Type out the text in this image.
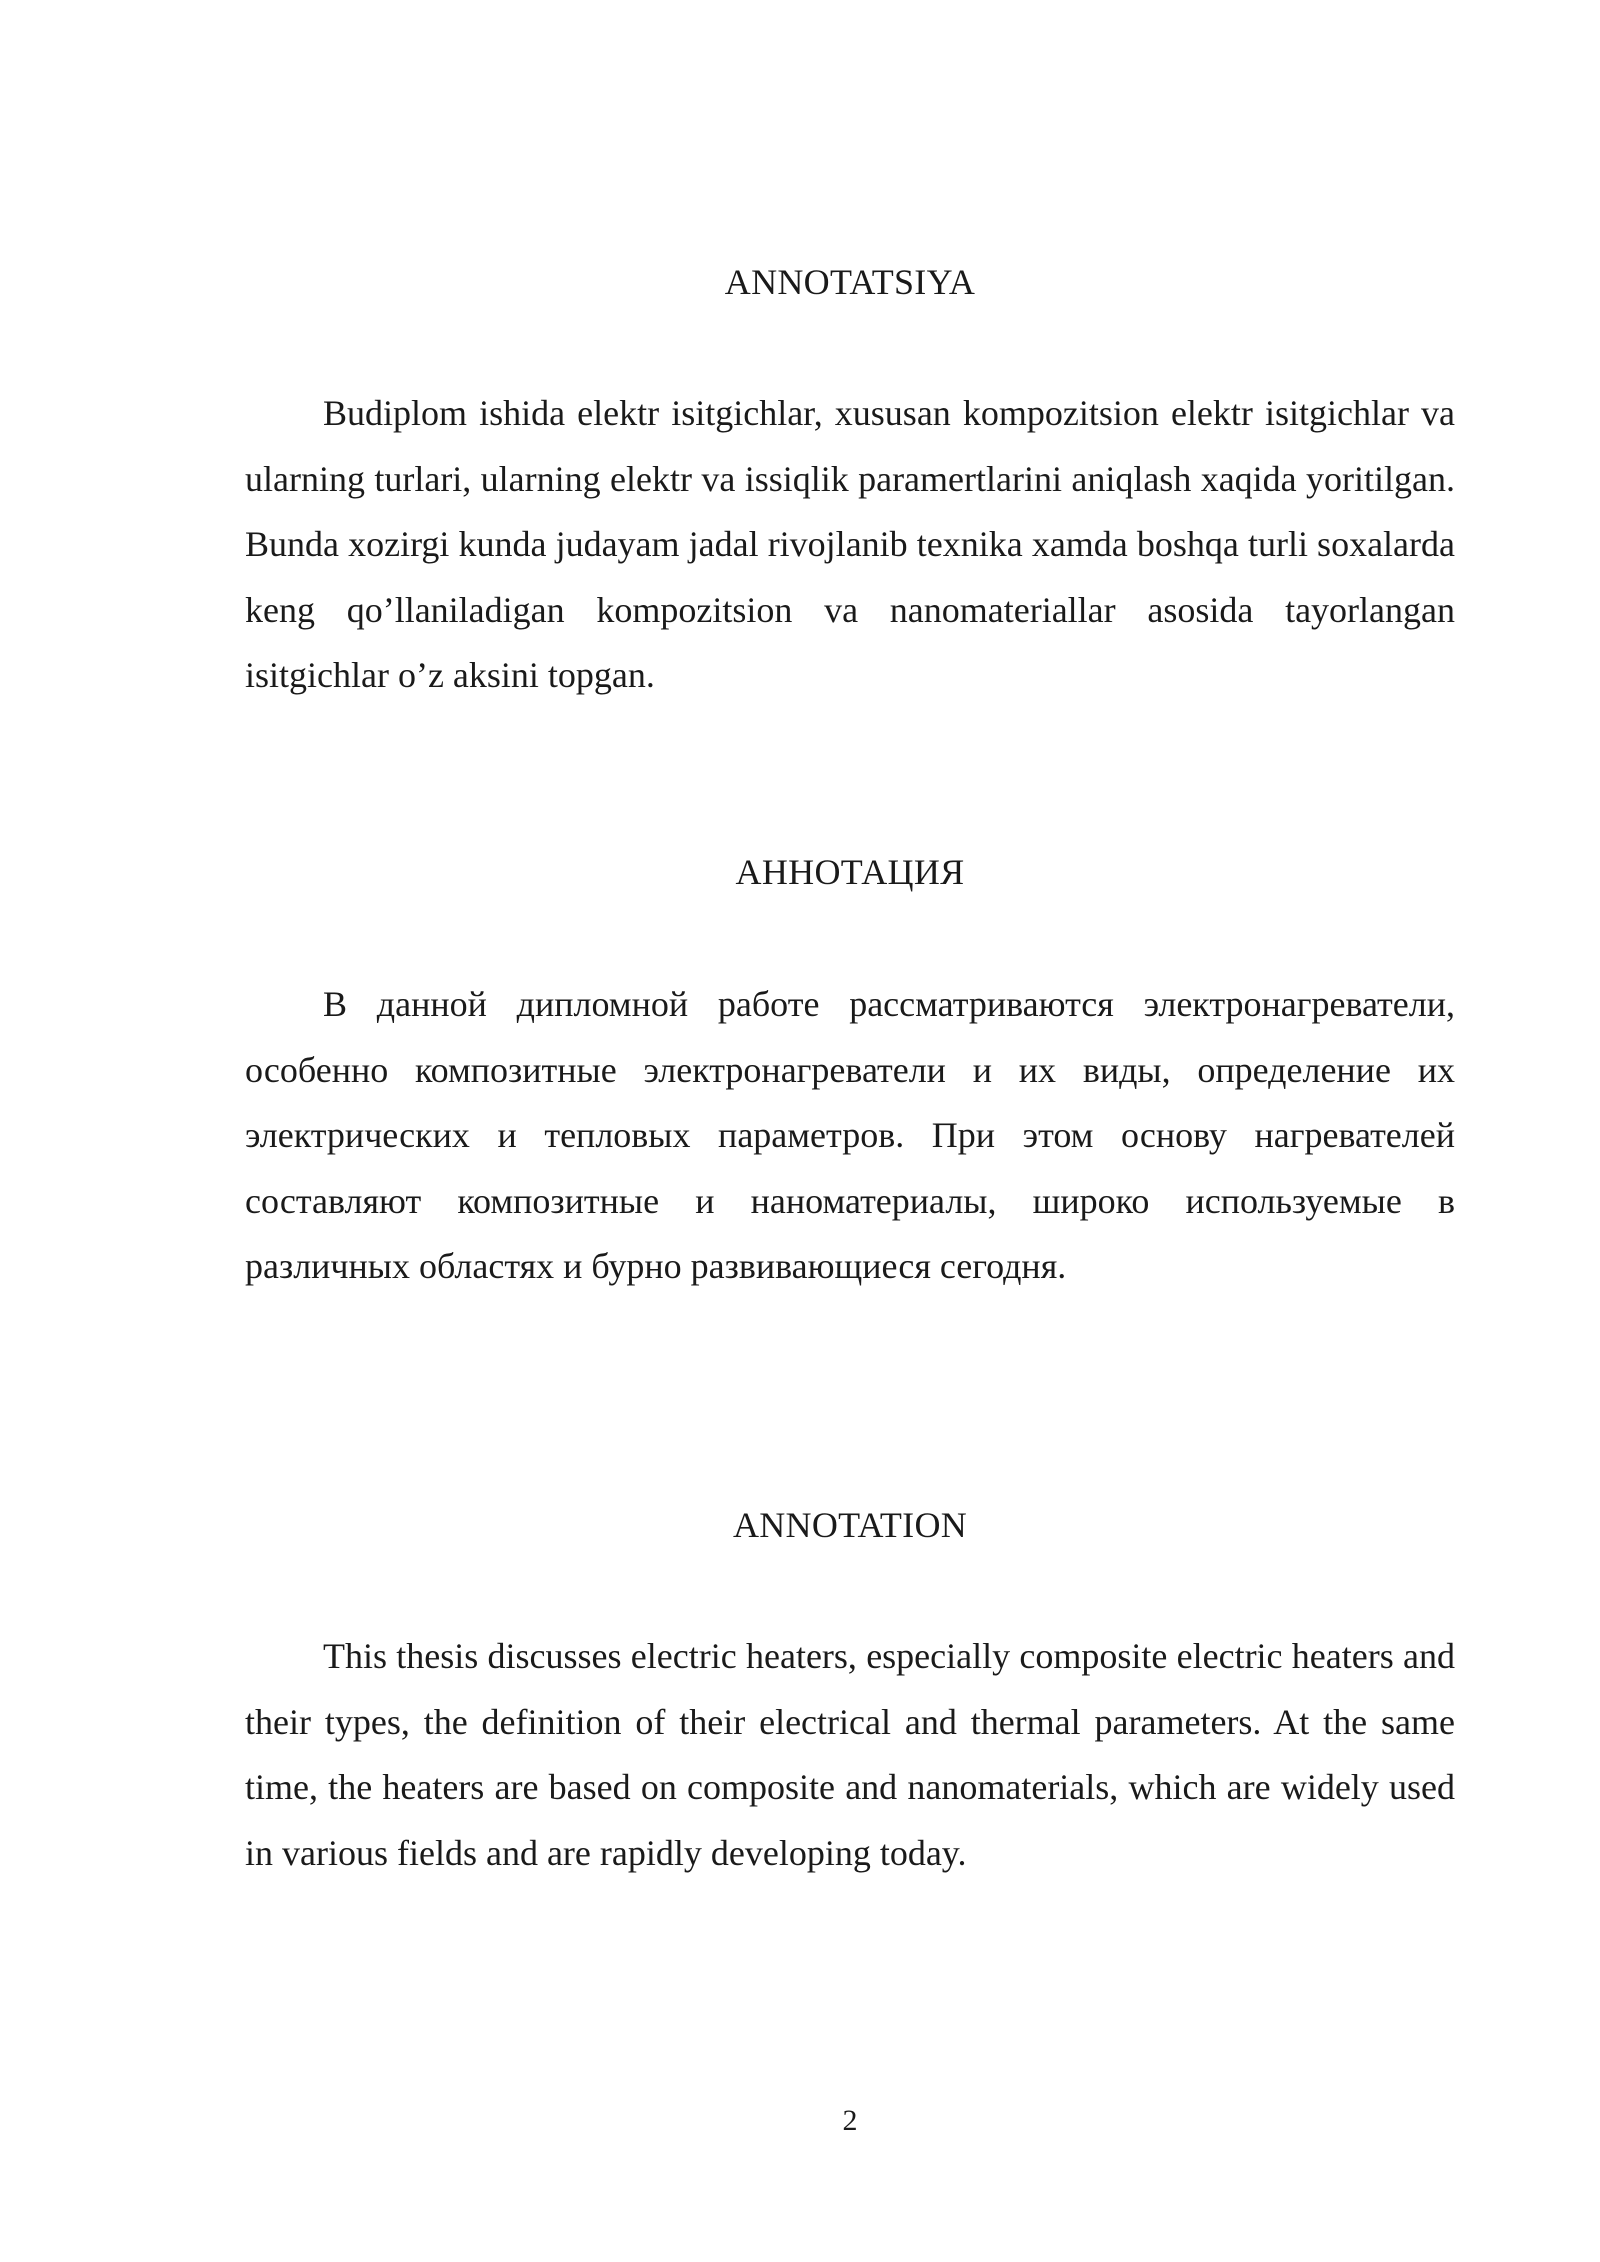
ANNOTATSIYA

Budiplom ishida elektr isitgichlar, xususan kompozitsion elektr isitgichlar va ularning turlari, ularning elektr va issiqlik paramertlarini aniqlash xaqida yoritilgan. Bunda xozirgi kunda judayam jadal rivojlanib texnika xamda boshqa turli soxalarda keng qo’llaniladigan kompozitsion va nanomateriallar asosida tayorlangan isitgichlar o’z aksini topgan.

АННОТАЦИЯ

В данной дипломной работе рассматриваются электронагреватели, особенно композитные электронагреватели и их виды, определение их электрических и тепловых параметров. При этом основу нагревателей составляют композитные и наноматериалы, широко используемые в различных областях и бурно развивающиеся сегодня.

ANNOTATION

This thesis discusses electric heaters, especially composite electric heaters and their types, the definition of their electrical and thermal parameters. At the same time, the heaters are based on composite and nanomaterials, which are widely used in various fields and are rapidly developing today.

2
